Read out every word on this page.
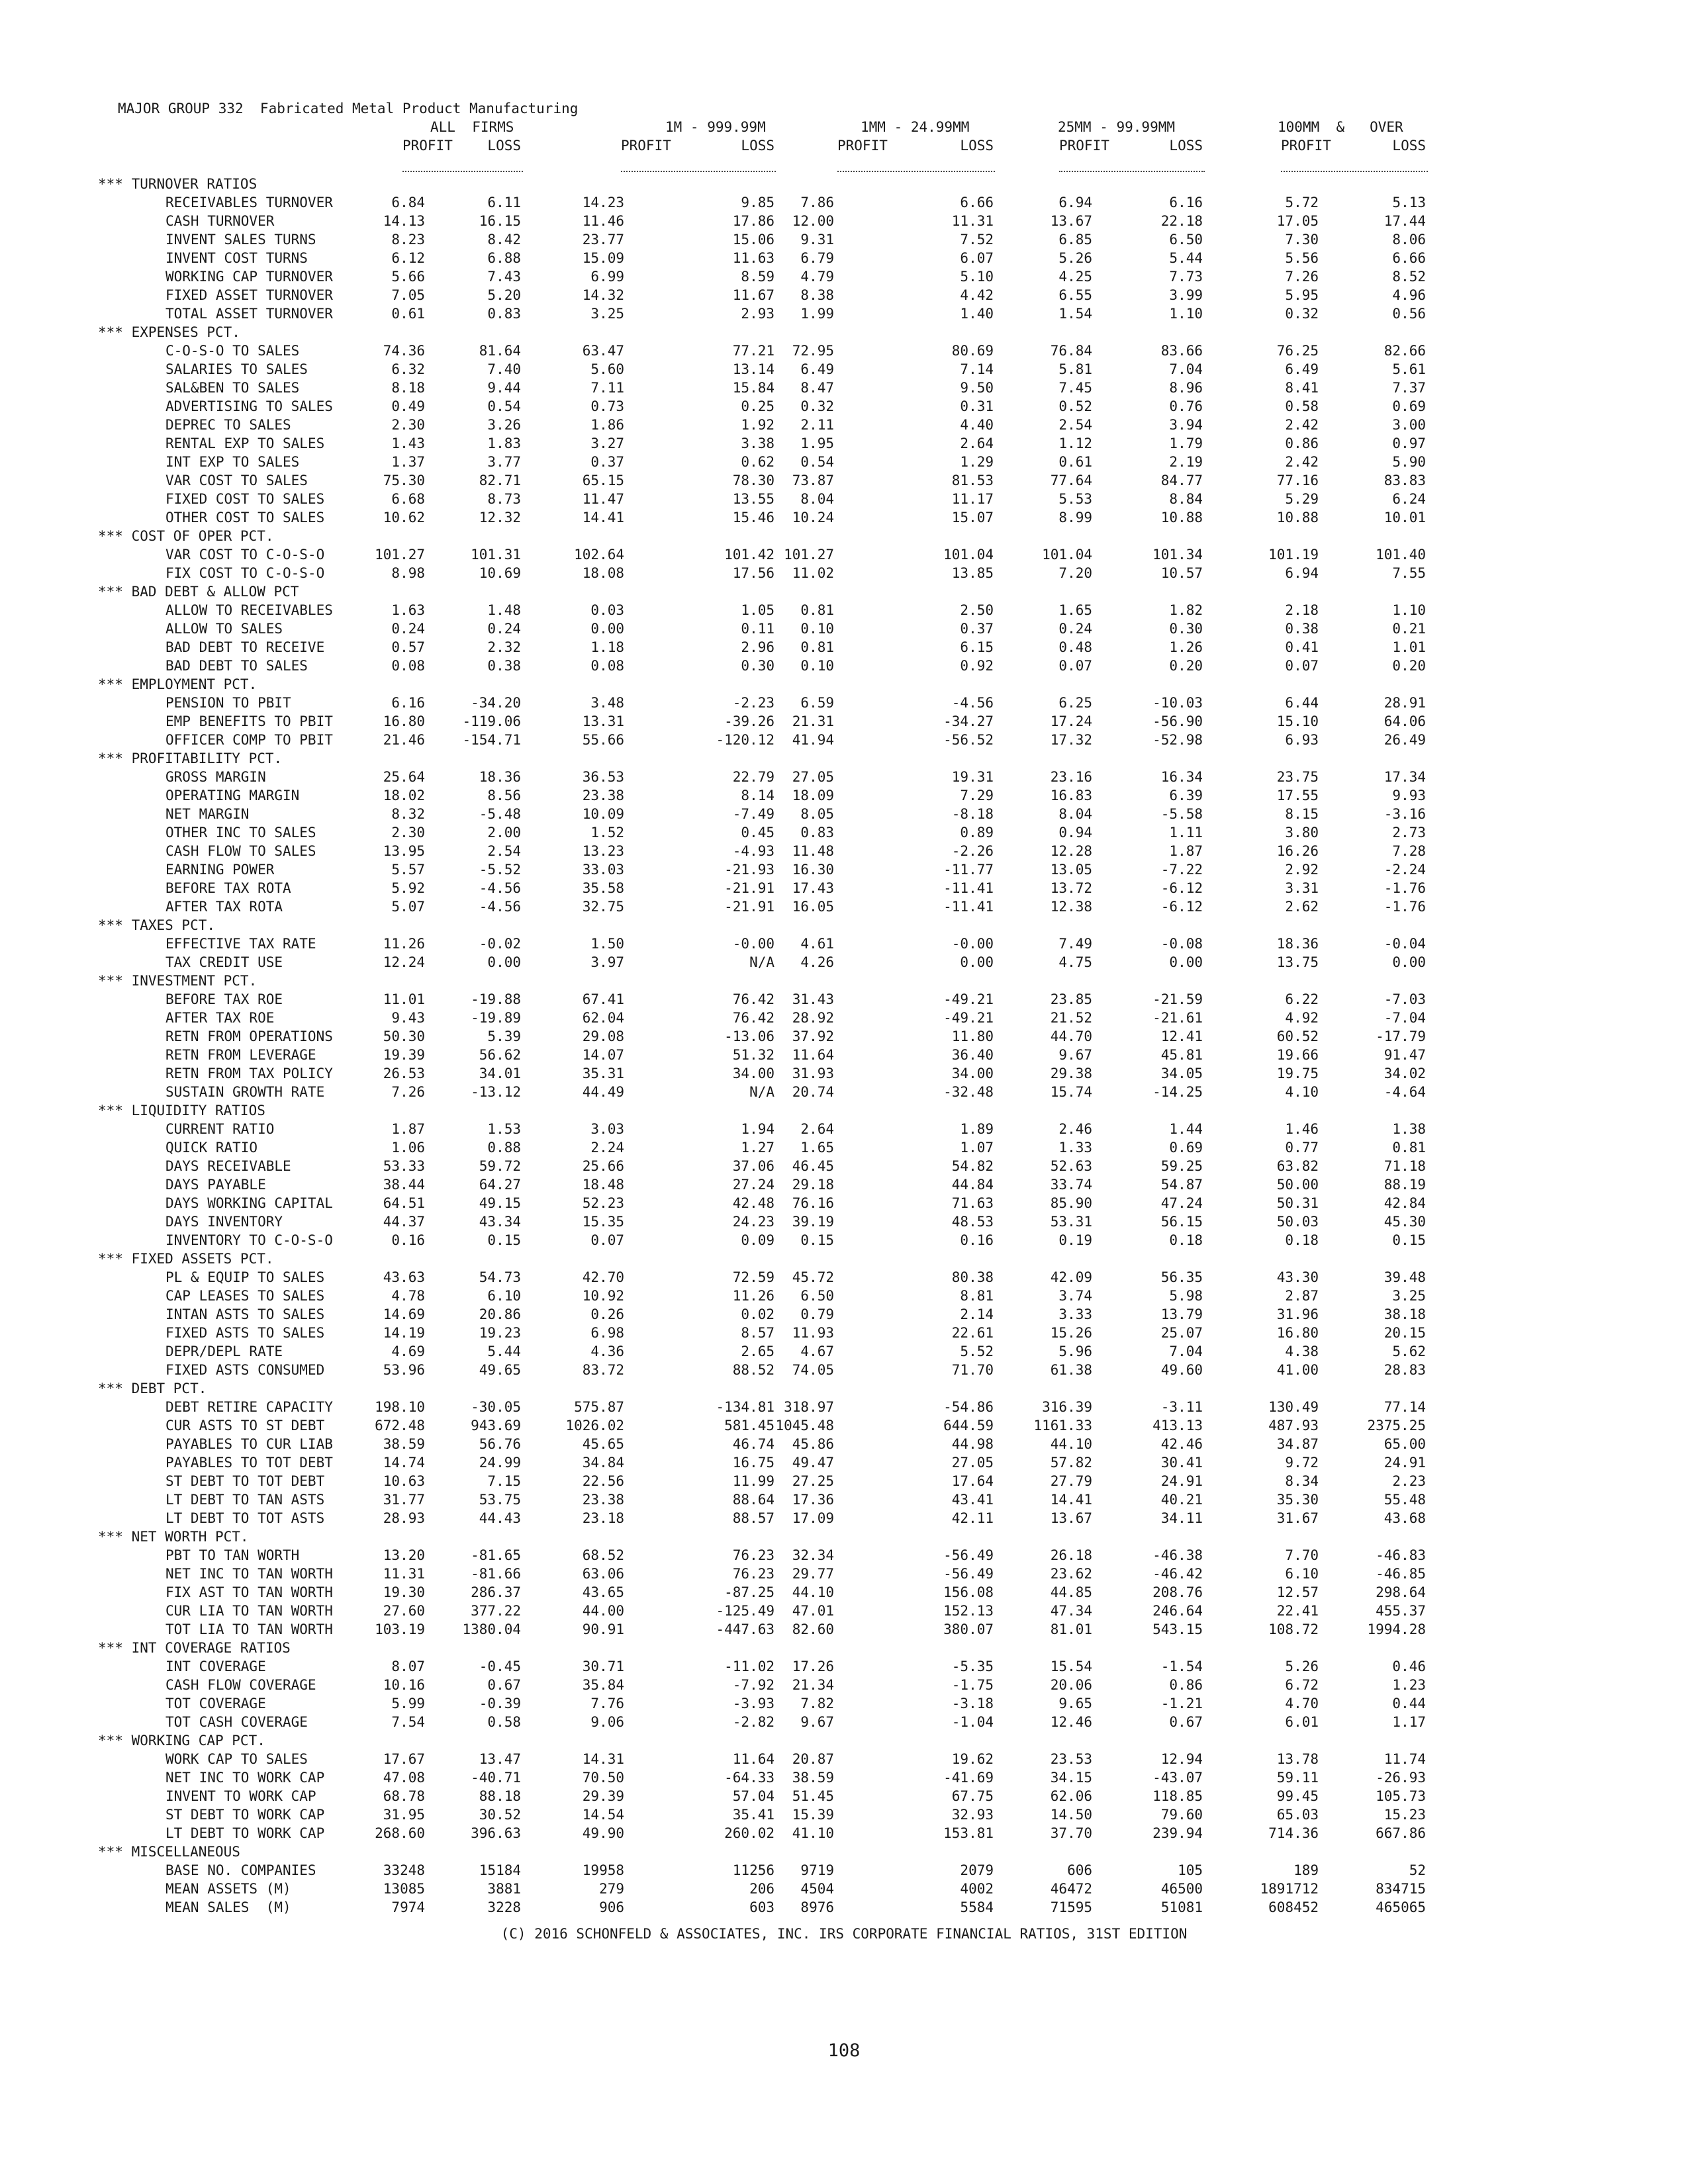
MAJOR GROUP 332  Fabricated Metal Product Manufacturing
ALL  FIRMS
PROFIT	LOSS
1M - 999.99M
PROFIT	LOSS
1MM - 24.99MM
PROFIT	LOSS
25MM - 99.99MM
PROFIT	LOSS
100MM  &   OVER
PROFIT	LOSS
*** TURNOVER RATIOS
RECEIVABLES TURNOVER	6.84	6.11	14.23	9.85 7.86	6.66	6.94	6.16	5.72	5.13
CASH TURNOVER	14.13	16.15	11.46	17.86 12.00	11.31	13.67	22.18	17.05	17.44
INVENT SALES TURNS	8.23	8.42	23.77	15.06 9.31	7.52	6.85	6.50	7.30	8.06
INVENT COST TURNS	6.12	6.88	15.09	11.63 6.79	6.07	5.26	5.44	5.56	6.66
WORKING CAP TURNOVER	5.66	7.43	6.99	8.59 4.79	5.10	4.25	7.73	7.26	8.52
FIXED ASSET TURNOVER	7.05	5.20	14.32	11.67 8.38	4.42	6.55	3.99	5.95	4.96
TOTAL ASSET TURNOVER	0.61	0.83	3.25	2.93 1.99	1.40	1.54	1.10	0.32	0.56
*** EXPENSES PCT.
C-O-S-O TO SALES	74.36	81.64	63.47	77.21 72.95	80.69	76.84	83.66	76.25	82.66
SALARIES TO SALES	6.32	7.40	5.60	13.14 6.49	7.14	5.81	7.04	6.49	5.61
SAL&BEN TO SALES	8.18	9.44	7.11	15.84 8.47	9.50	7.45	8.96	8.41	7.37
ADVERTISING TO SALES	0.49	0.54	0.73	0.25 0.32	0.31	0.52	0.76	0.58	0.69
DEPREC TO SALES	2.30	3.26	1.86	1.92 2.11	4.40	2.54	3.94	2.42	3.00
RENTAL EXP TO SALES	1.43	1.83	3.27	3.38 1.95	2.64	1.12	1.79	0.86	0.97
INT EXP TO SALES	1.37	3.77	0.37	0.62 0.54	1.29	0.61	2.19	2.42	5.90
VAR COST TO SALES	75.30	82.71	65.15	78.30 73.87	81.53	77.64	84.77	77.16	83.83
FIXED COST TO SALES	6.68	8.73	11.47	13.55 8.04	11.17	5.53	8.84	5.29	6.24
OTHER COST TO SALES	10.62	12.32	14.41	15.46 10.24	15.07	8.99	10.88	10.88	10.01
*** COST OF OPER PCT.
VAR COST TO C-O-S-O	101.27	101.31	102.64	101.42 101.27	101.04	101.04	101.34	101.19	101.40
FIX COST TO C-O-S-O	8.98	10.69	18.08	17.56 11.02	13.85	7.20	10.57	6.94	7.55
*** BAD DEBT & ALLOW PCT
ALLOW TO RECEIVABLES	1.63	1.48	0.03	1.05 0.81	2.50	1.65	1.82	2.18	1.10
ALLOW TO SALES	0.24	0.24	0.00	0.11 0.10	0.37	0.24	0.30	0.38	0.21
BAD DEBT TO RECEIVE	0.57	2.32	1.18	2.96 0.81	6.15	0.48	1.26	0.41	1.01
BAD DEBT TO SALES	0.08	0.38	0.08	0.30 0.10	0.92	0.07	0.20	0.07	0.20
*** EMPLOYMENT PCT.
PENSION TO PBIT	6.16	-34.20	3.48	-2.23 6.59	-4.56	6.25	-10.03	6.44	28.91
EMP BENEFITS TO PBIT	16.80	-119.06	13.31	-39.26 21.31	-34.27	17.24	-56.90	15.10	64.06
OFFICER COMP TO PBIT	21.46	-154.71	55.66	-120.12 41.94	-56.52	17.32	-52.98	6.93	26.49
*** PROFITABILITY PCT.
GROSS MARGIN	25.64	18.36	36.53	22.79 27.05	19.31	23.16	16.34	23.75	17.34
OPERATING MARGIN	18.02	8.56	23.38	8.14 18.09	7.29	16.83	6.39	17.55	9.93
NET MARGIN	8.32	-5.48	10.09	-7.49 8.05	-8.18	8.04	-5.58	8.15	-3.16
OTHER INC TO SALES	2.30	2.00	1.52	0.45 0.83	0.89	0.94	1.11	3.80	2.73
CASH FLOW TO SALES	13.95	2.54	13.23	-4.93 11.48	-2.26	12.28	1.87	16.26	7.28
EARNING POWER	5.57	-5.52	33.03	-21.93 16.30	-11.77	13.05	-7.22	2.92	-2.24
BEFORE TAX ROTA	5.92	-4.56	35.58	-21.91 17.43	-11.41	13.72	-6.12	3.31	-1.76
AFTER TAX ROTA	5.07	-4.56	32.75	-21.91 16.05	-11.41	12.38	-6.12	2.62	-1.76
*** TAXES PCT.
EFFECTIVE TAX RATE	11.26	-0.02	1.50	-0.00 4.61	-0.00	7.49	-0.08	18.36	-0.04
TAX CREDIT USE	12.24	0.00	3.97	N/A 4.26	0.00	4.75	0.00	13.75	0.00
*** INVESTMENT PCT.
BEFORE TAX ROE	11.01	-19.88	67.41	76.42 31.43	-49.21	23.85	-21.59	6.22	-7.03
AFTER TAX ROE	9.43	-19.89	62.04	76.42 28.92	-49.21	21.52	-21.61	4.92	-7.04
RETN FROM OPERATIONS	50.30	5.39	29.08	-13.06 37.92	11.80	44.70	12.41	60.52	-17.79
RETN FROM LEVERAGE	19.39	56.62	14.07	51.32 11.64	36.40	9.67	45.81	19.66	91.47
RETN FROM TAX POLICY	26.53	34.01	35.31	34.00 31.93	34.00	29.38	34.05	19.75	34.02
SUSTAIN GROWTH RATE	7.26	-13.12	44.49	N/A 20.74	-32.48	15.74	-14.25	4.10	-4.64
*** LIQUIDITY RATIOS
CURRENT RATIO	1.87	1.53	3.03	1.94 2.64	1.89	2.46	1.44	1.46	1.38
QUICK RATIO	1.06	0.88	2.24	1.27 1.65	1.07	1.33	0.69	0.77	0.81
DAYS RECEIVABLE	53.33	59.72	25.66	37.06 46.45	54.82	52.63	59.25	63.82	71.18
DAYS PAYABLE	38.44	64.27	18.48	27.24 29.18	44.84	33.74	54.87	50.00	88.19
DAYS WORKING CAPITAL	64.51	49.15	52.23	42.48 76.16	71.63	85.90	47.24	50.31	42.84
DAYS INVENTORY	44.37	43.34	15.35	24.23 39.19	48.53	53.31	56.15	50.03	45.30
INVENTORY TO C-O-S-O	0.16	0.15	0.07	0.09 0.15	0.16	0.19	0.18	0.18	0.15
*** FIXED ASSETS PCT.
PL & EQUIP TO SALES	43.63	54.73	42.70	72.59 45.72	80.38	42.09	56.35	43.30	39.48
CAP LEASES TO SALES	4.78	6.10	10.92	11.26 6.50	8.81	3.74	5.98	2.87	3.25
INTAN ASTS TO SALES	14.69	20.86	0.26	0.02 0.79	2.14	3.33	13.79	31.96	38.18
FIXED ASTS TO SALES	14.19	19.23	6.98	8.57 11.93	22.61	15.26	25.07	16.80	20.15
DEPR/DEPL RATE	4.69	5.44	4.36	2.65 4.67	5.52	5.96	7.04	4.38	5.62
FIXED ASTS CONSUMED	53.96	49.65	83.72	88.52 74.05	71.70	61.38	49.60	41.00	28.83
*** DEBT PCT.
DEBT RETIRE CAPACITY	198.10	-30.05	575.87	-134.81 318.97	-54.86	316.39	-3.11	130.49	77.14
CUR ASTS TO ST DEBT	672.48	943.69	1026.02	581.45 1045.48	644.59	1161.33	413.13	487.93	2375.25
PAYABLES TO CUR LIAB	38.59	56.76	45.65	46.74 45.86	44.98	44.10	42.46	34.87	65.00
PAYABLES TO TOT DEBT	14.74	24.99	34.84	16.75 49.47	27.05	57.82	30.41	9.72	24.91
ST DEBT TO TOT DEBT	10.63	7.15	22.56	11.99 27.25	17.64	27.79	24.91	8.34	2.23
LT DEBT TO TAN ASTS	31.77	53.75	23.38	88.64 17.36	43.41	14.41	40.21	35.30	55.48
LT DEBT TO TOT ASTS	28.93	44.43	23.18	88.57 17.09	42.11	13.67	34.11	31.67	43.68
*** NET WORTH PCT.
PBT TO TAN WORTH	13.20	-81.65	68.52	76.23 32.34	-56.49	26.18	-46.38	7.70	-46.83
NET INC TO TAN WORTH	11.31	-81.66	63.06	76.23 29.77	-56.49	23.62	-46.42	6.10	-46.85
FIX AST TO TAN WORTH	19.30	286.37	43.65	-87.25 44.10	156.08	44.85	208.76	12.57	298.64
CUR LIA TO TAN WORTH	27.60	377.22	44.00	-125.49 47.01	152.13	47.34	246.64	22.41	455.37
TOT LIA TO TAN WORTH	103.19	1380.04	90.91	-447.63 82.60	380.07	81.01	543.15	108.72	1994.28
*** INT COVERAGE RATIOS
INT COVERAGE	8.07	-0.45	30.71	-11.02 17.26	-5.35	15.54	-1.54	5.26	0.46
CASH FLOW COVERAGE	10.16	0.67	35.84	-7.92 21.34	-1.75	20.06	0.86	6.72	1.23
TOT COVERAGE	5.99	-0.39	7.76	-3.93 7.82	-3.18	9.65	-1.21	4.70	0.44
TOT CASH COVERAGE	7.54	0.58	9.06	-2.82 9.67	-1.04	12.46	0.67	6.01	1.17
*** WORKING CAP PCT.
WORK CAP TO SALES	17.67	13.47	14.31	11.64 20.87	19.62	23.53	12.94	13.78	11.74
NET INC TO WORK CAP	47.08	-40.71	70.50	-64.33 38.59	-41.69	34.15	-43.07	59.11	-26.93
INVENT TO WORK CAP	68.78	88.18	29.39	57.04 51.45	67.75	62.06	118.85	99.45	105.73
ST DEBT TO WORK CAP	31.95	30.52	14.54	35.41 15.39	32.93	14.50	79.60	65.03	15.23
LT DEBT TO WORK CAP	268.60	396.63	49.90	260.02 41.10	153.81	37.70	239.94	714.36	667.86
*** MISCELLANEOUS
BASE NO. COMPANIES	33248	15184	19958	11256 9719	2079	606	105	189	52
MEAN ASSETS (M)	13085	3881	279	206 4504	4002	46472	46500	1891712	834715
MEAN SALES  (M)	7974	3228	906	603 8976	5584	71595	51081	608452	465065
(C) 2016 SCHONFELD & ASSOCIATES, INC. IRS CORPORATE FINANCIAL RATIOS, 31ST EDITION
108
